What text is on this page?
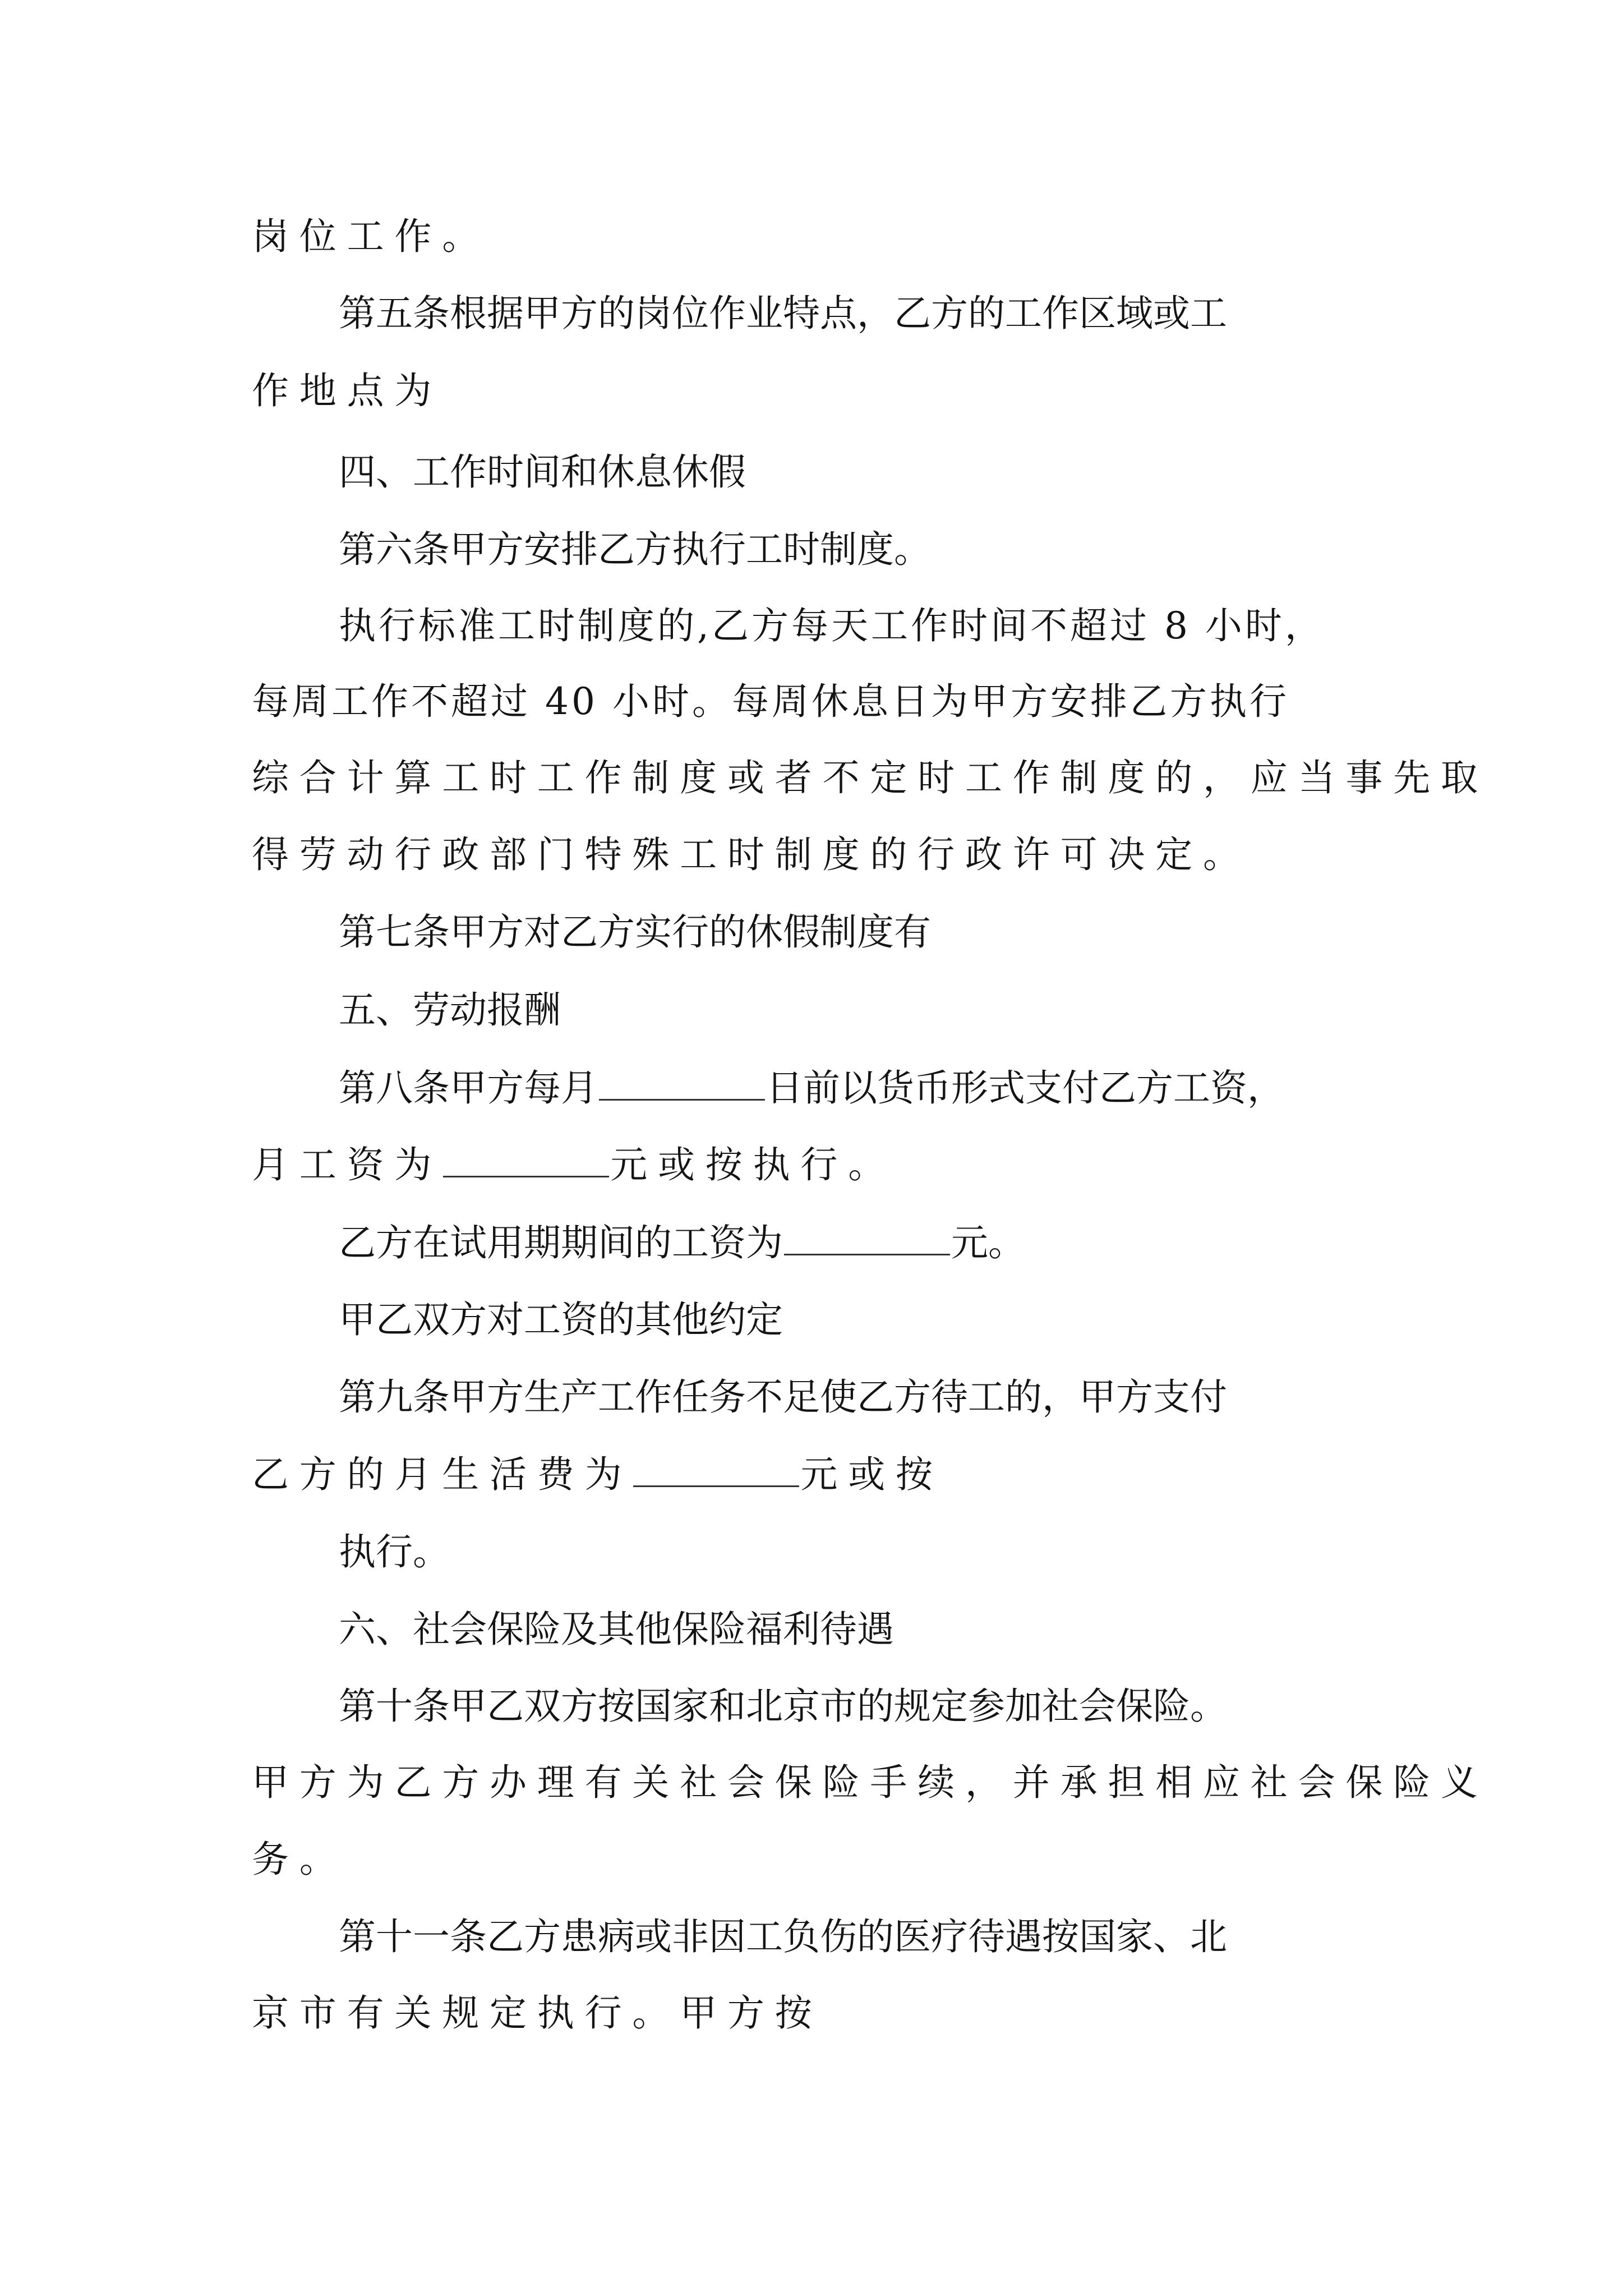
岗位工作。
第五条根据甲方的岗位作业特点，乙方的工作区域或工
作地点为
四、工作时间和休息休假
第六条甲方安排乙方执行工时制度。
执行标准工时制度的,乙方每天工作时间不超过 8 小时，
每周工作不超过 40 小时。每周休息日为甲方安排乙方执行
综合计算工时工作制度或者不定时工作制度的，应当事先取
得劳动行政部门特殊工时制度的行政许可决定。
第七条甲方对乙方实行的休假制度有
五、劳动报酬
第八条甲方每月	日前以货币形式支付乙方工资，
月工资为	元或按执行。
乙方在试用期期间的工资为	元。
甲乙双方对工资的其他约定
第九条甲方生产工作任务不足使乙方待工的，甲方支付
乙方的月生活费为	元或按
执行。
六、社会保险及其他保险福利待遇
第十条甲乙双方按国家和北京市的规定参加社会保险。
甲方为乙方办理有关社会保险手续，并承担相应社会保险义
务。
第十一条乙方患病或非因工负伤的医疗待遇按国家、北
京市有关规定执行。甲方按
